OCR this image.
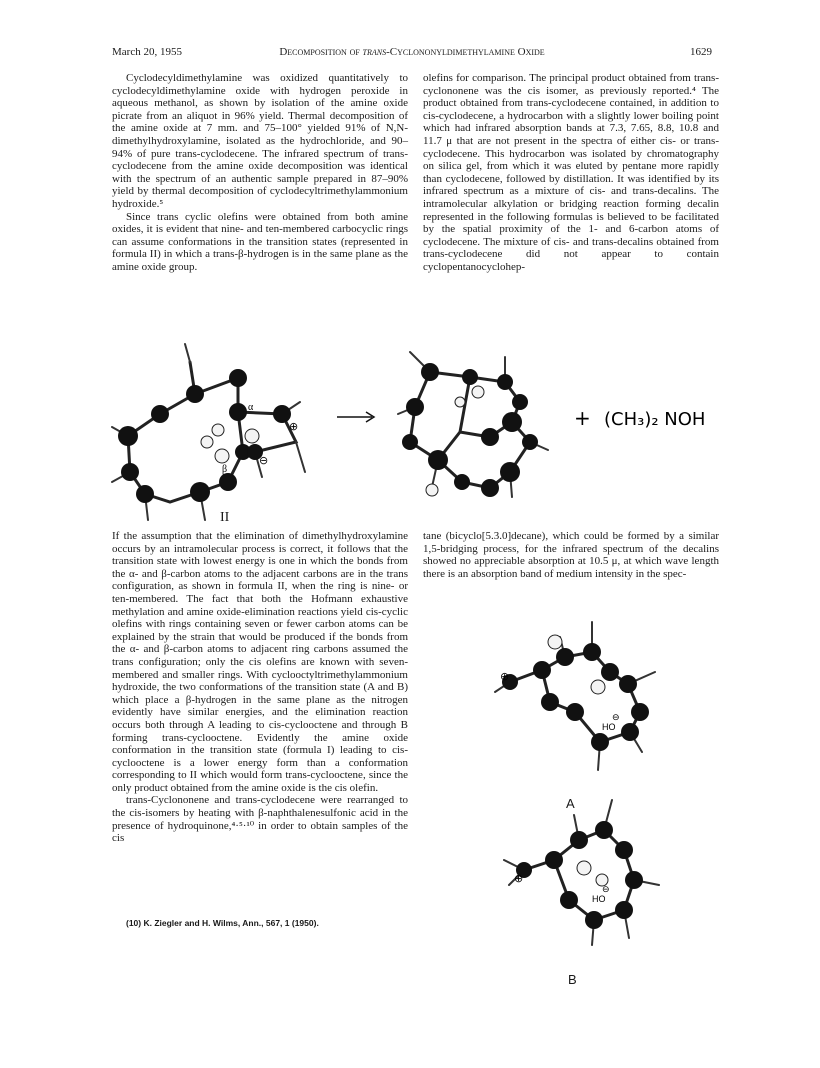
March 20, 1955	Decomposition of trans-Cyclononyldimethylamine Oxide	1629

Cyclodecyldimethylamine was oxidized quantitatively to cyclodecyldimethylamine oxide with hydrogen peroxide in aqueous methanol, as shown by isolation of the amine oxide picrate from an aliquot in 96% yield. Thermal decomposition of the amine oxide at 7 mm. and 75–100° yielded 91% of N,N-dimethylhydroxylamine, isolated as the hydrochloride, and 90–94% of pure trans-cyclodecene. The infrared spectrum of trans-cyclodecene from the amine oxide decomposition was identical with the spectrum of an authentic sample prepared in 87–90% yield by thermal decomposition of cyclodecyltrimethylammonium hydroxide.⁵

Since trans cyclic olefins were obtained from both amine oxides, it is evident that nine- and ten-membered carbocyclic rings can assume conformations in the transition states (represented in formula II) in which a trans-β-hydrogen is in the same plane as the amine oxide group.

olefins for comparison. The principal product obtained from trans-cyclononene was the cis isomer, as previously reported.⁴ The product obtained from trans-cyclodecene contained, in addition to cis-cyclodecene, a hydrocarbon with a slightly lower boiling point which had infrared absorption bands at 7.3, 7.65, 8.8, 10.8 and 11.7 μ that are not present in the spectra of either cis- or trans-cyclodecene. This hydrocarbon was isolated by chromatography on silica gel, from which it was eluted by pentane more rapidly than cyclodecene, followed by distillation. It was identified by its infrared spectrum as a mixture of cis- and trans-decalins. The intramolecular alkylation or bridging reaction forming decalin represented in the following formulas is believed to be facilitated by the spatial proximity of the 1- and 6-carbon atoms of cyclodecene. The mixture of cis- and trans-decalins obtained from trans-cyclodecene did not appear to contain cyclopentanocyclohep-

α
β
⊕
⊖
+ (CH₃)₂ NOH
II

If the assumption that the elimination of dimethylhydroxylamine occurs by an intramolecular process is correct, it follows that the transition state with lowest energy is one in which the bonds from the α- and β-carbon atoms to the adjacent carbons are in the trans configuration, as shown in formula II, when the ring is nine- or ten-membered. The fact that both the Hofmann exhaustive methylation and amine oxide-elimination reactions yield cis-cyclic olefins with rings containing seven or fewer carbon atoms can be explained by the strain that would be produced if the bonds from the α- and β-carbon atoms to adjacent ring carbons assumed the trans configuration; only the cis olefins are known with seven-membered and smaller rings. With cyclooctyltrimethylammonium hydroxide, the two conformations of the transition state (A and B) which place a β-hydrogen in the same plane as the nitrogen evidently have similar energies, and the elimination reaction occurs both through A leading to cis-cyclooctene and through B forming trans-cyclooctene. Evidently the amine oxide conformation in the transition state (formula I) leading to cis-cyclooctene is a lower energy form than a conformation corresponding to II which would form trans-cyclooctene, since the only product obtained from the amine oxide is the cis olefin.

trans-Cyclononene and trans-cyclodecene were rearranged to the cis-isomers by heating with β-naphthalenesulfonic acid in the presence of hydroquinone,⁴·⁵·¹⁰ in order to obtain samples of the cis

tane (bicyclo[5.3.0]decane), which could be formed by a similar 1,5-bridging process, for the infrared spectrum of the decalins showed no appreciable absorption at 10.5 μ, at which wave length there is an absorption band of medium intensity in the spec-

⊕
HO
⊖
A
⊕
HO
⊖
B
(10) K. Ziegler and H. Wilms, Ann., 567, 1 (1950).
